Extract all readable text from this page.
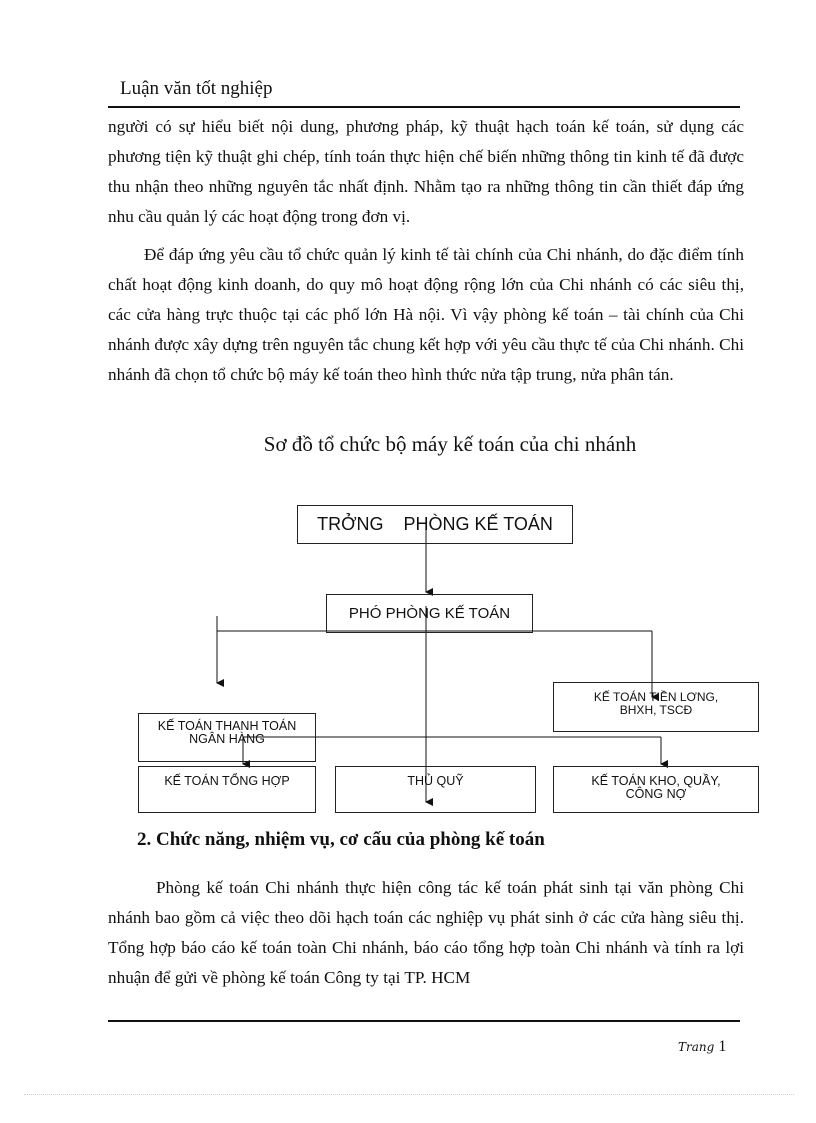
Luận văn tốt nghiệp

người có sự hiểu biết nội dung, phương pháp, kỹ thuật hạch toán kế toán, sử dụng các phương tiện kỹ thuật ghi chép, tính toán thực hiện chế biến những thông tin kinh tế đã được thu nhận theo những nguyên tắc nhất định. Nhằm tạo ra những thông tin cần thiết đáp ứng nhu cầu quản lý các hoạt động trong đơn vị.

Để đáp ứng yêu cầu tổ chức quản lý kinh tế tài chính của Chi nhánh, do đặc điểm tính chất hoạt động kinh doanh, do quy mô hoạt động rộng lớn của Chi nhánh có các siêu thị, các cửa hàng trực thuộc tại các phố lớn Hà nội. Vì vậy phòng kế toán – tài chính của Chi nhánh được xây dựng trên nguyên tắc chung kết hợp với yêu cầu thực tế của Chi nhánh. Chi nhánh đã chọn tổ chức bộ máy kế toán theo hình thức nửa tập trung, nửa phân tán.

Sơ đồ tổ chức bộ máy kế toán của chi nhánh
TRỞNG    PHÒNG KẾ TOÁN
PHÓ PHÒNG KẾ TOÁN
KẾ TOÁN TIỀN LƠNG,
BHXH, TSCĐ
KẾ TOÁN THANH TOÁN
NGÂN HÀNG
KẾ TOÁN TỔNG HỢP	THỦ QUỸ	KẾ TOÁN KHO, QUẦY,
CÔNG NỢ
2. Chức năng, nhiệm vụ, cơ cấu của phòng kế toán

Phòng kế toán Chi nhánh thực hiện công tác kế toán phát sinh tại văn phòng Chi nhánh bao gồm cả việc theo dõi hạch toán các nghiệp vụ phát sinh ở các cửa hàng siêu thị. Tổng hợp báo cáo kế toán toàn Chi nhánh, báo cáo tổng hợp toàn Chi nhánh và tính ra lợi nhuận để gửi về phòng kế toán Công ty tại TP. HCM

Trang 1
